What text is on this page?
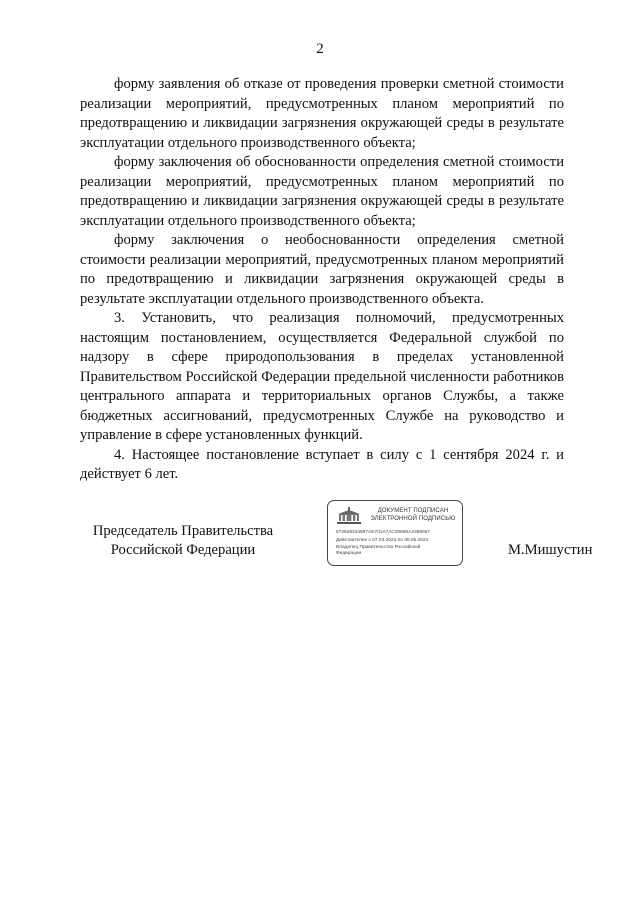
2

форму заявления об отказе от проведения проверки сметной стоимости реализации мероприятий, предусмотренных планом мероприятий по предотвращению и ликвидации загрязнения окружающей среды в результате эксплуатации отдельного производственного объекта;

форму заключения об обоснованности определения сметной стоимости реализации мероприятий, предусмотренных планом мероприятий по предотвращению и ликвидации загрязнения окружающей среды в результате эксплуатации отдельного производственного объекта;

форму заключения о необоснованности определения сметной стоимости реализации мероприятий, предусмотренных планом мероприятий по предотвращению и ликвидации загрязнения окружающей среды в результате эксплуатации отдельного производственного объекта.

3. Установить, что реализация полномочий, предусмотренных настоящим постановлением, осуществляется Федеральной службой по надзору в сфере природопользования в пределах установленной Правительством Российской Федерации предельной численности работников центрального аппарата и территориальных органов Службы, а также бюджетных ассигнований, предусмотренных Службе на руководство и управление в сфере установленных функций.

4. Настоящее постановление вступает в силу с 1 сентября 2024 г. и действует 6 лет.

Председатель Правительства
Российской Федерации
ДОКУМЕНТ ПОДПИСАН
ЭЛЕКТРОННОЙ ПОДПИСЬЮ
572638334887АЕ701А7АС00890А2389057
Действителен с 07.03.2023 по 30.05.2024
Владелец Правительство Российской
Федерации	М.Мишустин
